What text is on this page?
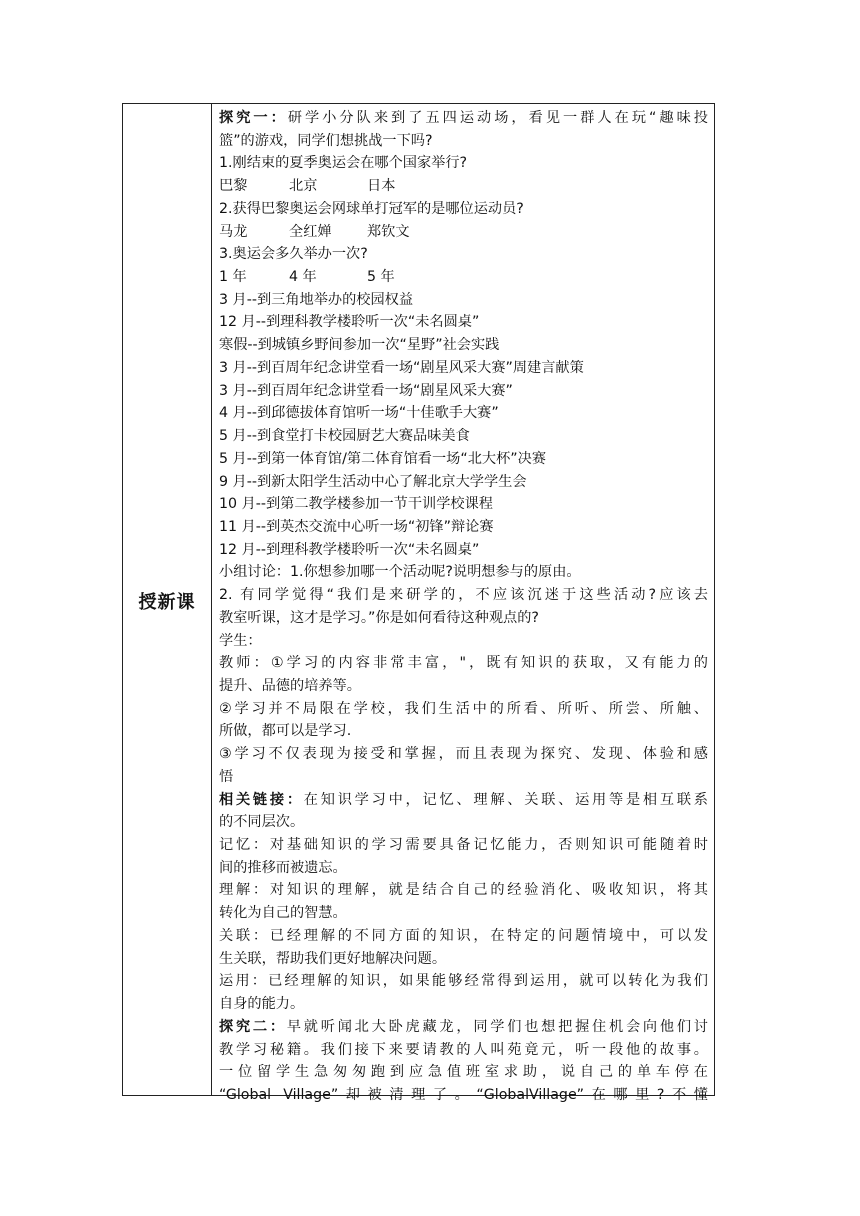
授新课
探究一：研学小分队来到了五四运动场，看见一群人在玩“趣味投
篮”的游戏，同学们想挑战一下吗?
1.刚结束的夏季奥运会在哪个国家举行?
巴黎	北京	日本
2.获得巴黎奥运会网球单打冠军的是哪位运动员?
马龙	全红婵 郑钦文
3.奥运会多久举办一次?
1 年	4 年	5 年
3 月--到三角地举办的校园权益
12 月--到理科教学楼聆听一次“未名圆桌”
寒假--到城镇乡野间参加一次“星野”社会实践
3 月--到百周年纪念讲堂看一场“剧星风采大赛”周建言献策
3 月--到百周年纪念讲堂看一场“剧星风采大赛”
4 月--到邱德拔体育馆听一场“十佳歌手大赛”
5 月--到食堂打卡校园厨艺大赛品味美食
5 月--到第一体育馆/第二体育馆看一场“北大杯”决赛
9 月--到新太阳学生活动中心了解北京大学学生会
10 月--到第二教学楼参加一节干训学校课程
11 月--到英杰交流中心听一场“初锋”辩论赛
12 月--到理科教学楼聆听一次“未名圆桌”
小组讨论：1.你想参加哪一个活动呢?说明想参与的原由。
2. 有同学觉得“我们是来研学的，不应该沉迷于这些活动?应该去
教室听课，这才是学习。”你是如何看待这种观点的?
学生：
教师：①学习的内容非常丰富，"，既有知识的获取，又有能力的
提升、品德的培养等。
②学习并不局限在学校，我们生活中的所看、所听、所尝、所触、
所做，都可以是学习.
③学习不仅表现为接受和掌握，而且表现为探究、发现、体验和感
悟
相关链接：在知识学习中，记忆、理解、关联、运用等是相互联系
的不同层次。
记忆：对基础知识的学习需要具备记忆能力，否则知识可能随着时
间的推移而被遗忘。
理解：对知识的理解，就是结合自己的经验消化、吸收知识，将其
转化为自己的智慧。
关联：已经理解的不同方面的知识，在特定的问题情境中，可以发
生关联，帮助我们更好地解决问题。
运用：已经理解的知识，如果能够经常得到运用，就可以转化为我们
自身的能力。
探究二：早就听闻北大卧虎藏龙，同学们也想把握住机会向他们讨
教学习秘籍。我们接下来要请教的人叫苑竟元，听一段他的故事。
一位留学生急匆匆跑到应急值班室求助，说自己的单车停在
“Global Village”却被清理了。“GlobalVillage”在哪里?不懂
